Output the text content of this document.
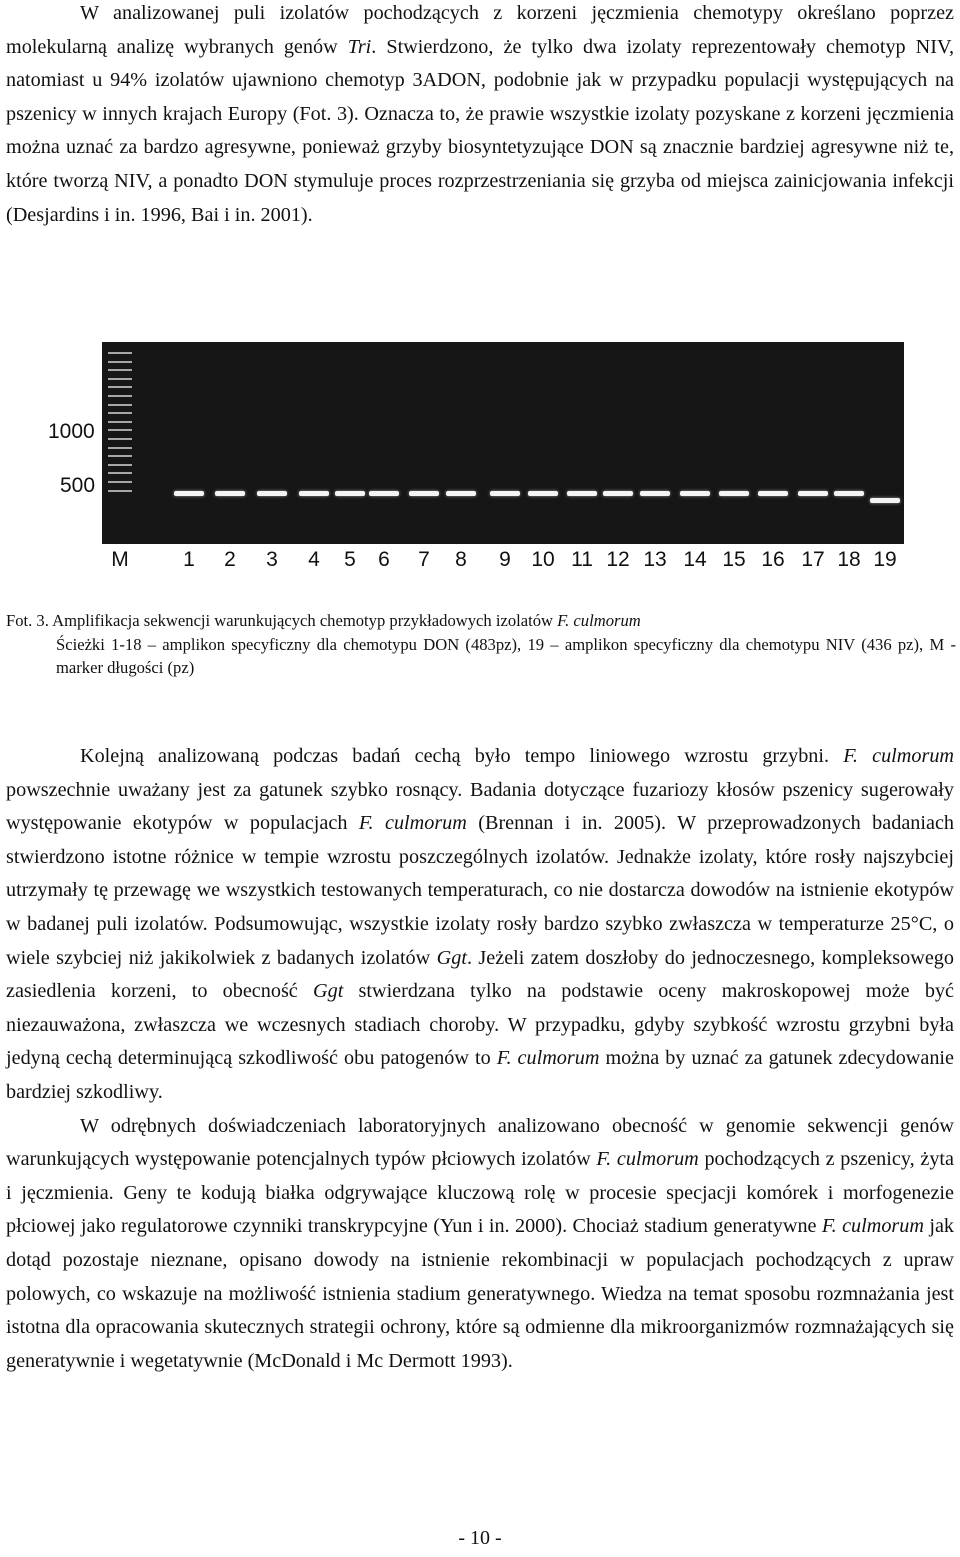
W analizowanej puli izolatów pochodzących z korzeni jęczmienia chemotypy określano poprzez molekularną analizę wybranych genów Tri. Stwierdzono, że tylko dwa izolaty reprezentowały chemotyp NIV, natomiast u 94% izolatów ujawniono chemotyp 3ADON, podobnie jak w przypadku populacji występujących na pszenicy w innych krajach Europy (Fot. 3). Oznacza to, że prawie wszystkie izolaty pozyskane z korzeni jęczmienia można uznać za bardzo agresywne, ponieważ grzyby biosyntetyzujące DON są znacznie bardziej agresywne niż te, które tworzą NIV, a ponadto DON stymuluje proces rozprzestrzeniania się grzyba od miejsca zainicjowania infekcji (Desjardins i in. 1996, Bai i in. 2001).

1000
500
M	1 2 3 4 5 6 7 8 9 10 11 12 13 14 15 16 17 18 19

Fot. 3. Amplifikacja sekwencji warunkujących chemotyp przykładowych izolatów F. culmorum

Ścieżki 1-18 – amplikon specyficzny dla chemotypu DON (483pz), 19 – amplikon specyficzny dla chemotypu NIV (436 pz), M - marker długości (pz)

Kolejną analizowaną podczas badań cechą było tempo liniowego wzrostu grzybni. F. culmorum powszechnie uważany jest za gatunek szybko rosnący. Badania dotyczące fuzariozy kłosów pszenicy sugerowały występowanie ekotypów w populacjach F. culmorum (Brennan i in. 2005). W przeprowadzonych badaniach stwierdzono istotne różnice w tempie wzrostu poszczególnych izolatów. Jednakże izolaty, które rosły najszybciej utrzymały tę przewagę we wszystkich testowanych temperaturach, co nie dostarcza dowodów na istnienie ekotypów w badanej puli izolatów. Podsumowując, wszystkie izolaty rosły bardzo szybko zwłaszcza w temperaturze 25°C, o wiele szybciej niż jakikolwiek z badanych izolatów Ggt. Jeżeli zatem doszłoby do jednoczesnego, kompleksowego zasiedlenia korzeni, to obecność Ggt stwierdzana tylko na podstawie oceny makroskopowej może być niezauważona, zwłaszcza we wczesnych stadiach choroby. W przypadku, gdyby szybkość wzrostu grzybni była jedyną cechą determinującą szkodliwość obu patogenów to F. culmorum można by uznać za gatunek zdecydowanie bardziej szkodliwy.
W odrębnych doświadczeniach laboratoryjnych analizowano obecność w genomie sekwencji genów warunkujących występowanie potencjalnych typów płciowych izolatów F. culmorum pochodzących z pszenicy, żyta i jęczmienia. Geny te kodują białka odgrywające kluczową rolę w procesie specjacji komórek i morfogenezie płciowej jako regulatorowe czynniki transkrypcyjne (Yun i in. 2000). Chociaż stadium generatywne F. culmorum jak dotąd pozostaje nieznane, opisano dowody na istnienie rekombinacji w populacjach pochodzących z upraw polowych, co wskazuje na możliwość istnienia stadium generatywnego. Wiedza na temat sposobu rozmnażania jest istotna dla opracowania skutecznych strategii ochrony, które są odmienne dla mikroorganizmów rozmnażających się generatywnie i wegetatywnie (McDonald i Mc Dermott 1993).

- 10 -
